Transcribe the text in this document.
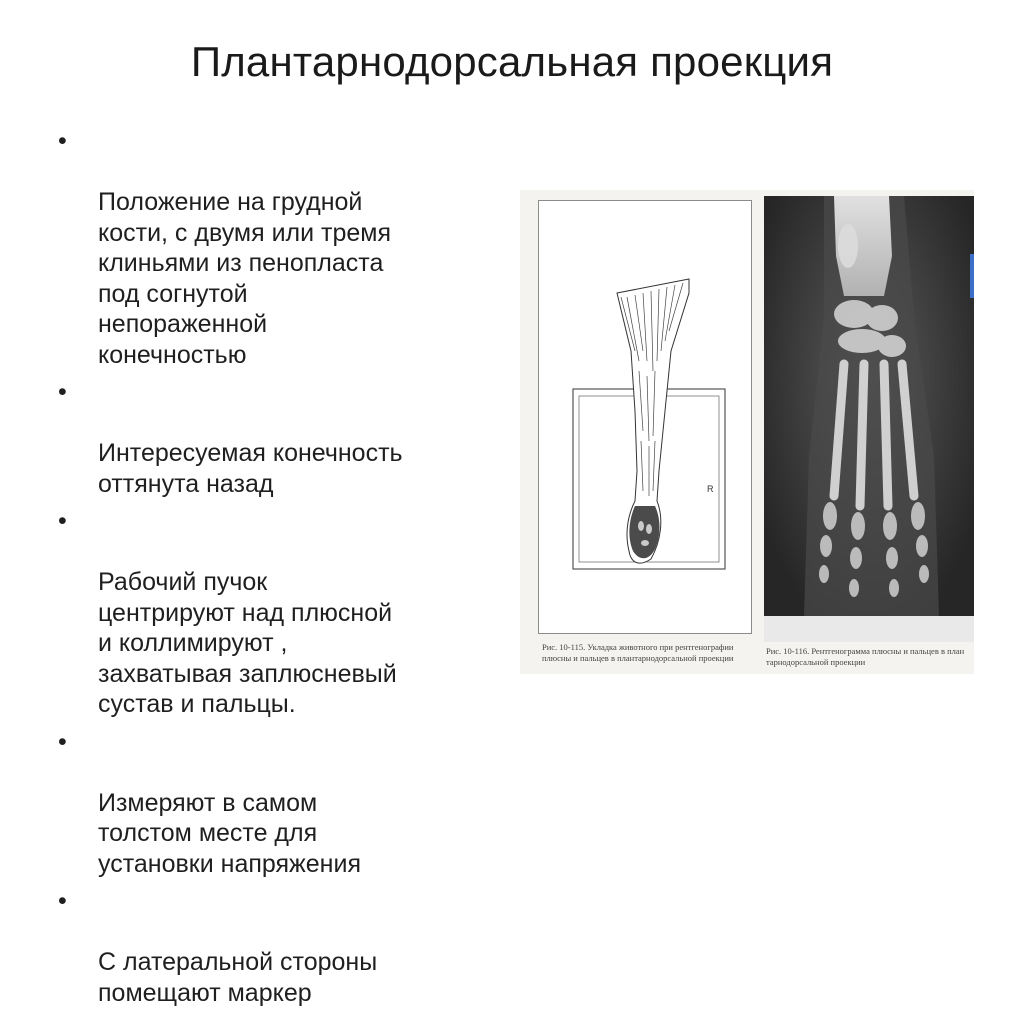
Плантарнодорсальная проекция

•

Положение на грудной
кости, с двумя или тремя
клиньями из пенопласта
под согнутой
непораженной
конечностью

•

Интересуемая конечность
оттянута назад

•

Рабочий пучок
центрируют над плюсной
и коллимируют ,
захватывая заплюсневый
сустав и пальцы.

•

Измеряют в самом
толстом месте для
установки напряжения

•

С латеральной стороны
помещают маркер

R
Рис. 10-115. Укладка животного при рентгенографии
плюсны и пальцев в плантарнодорсальной проекции
Рис. 10-116. Рентгенограмма плюсны и пальцев в план
тарнодорсальной проекции
